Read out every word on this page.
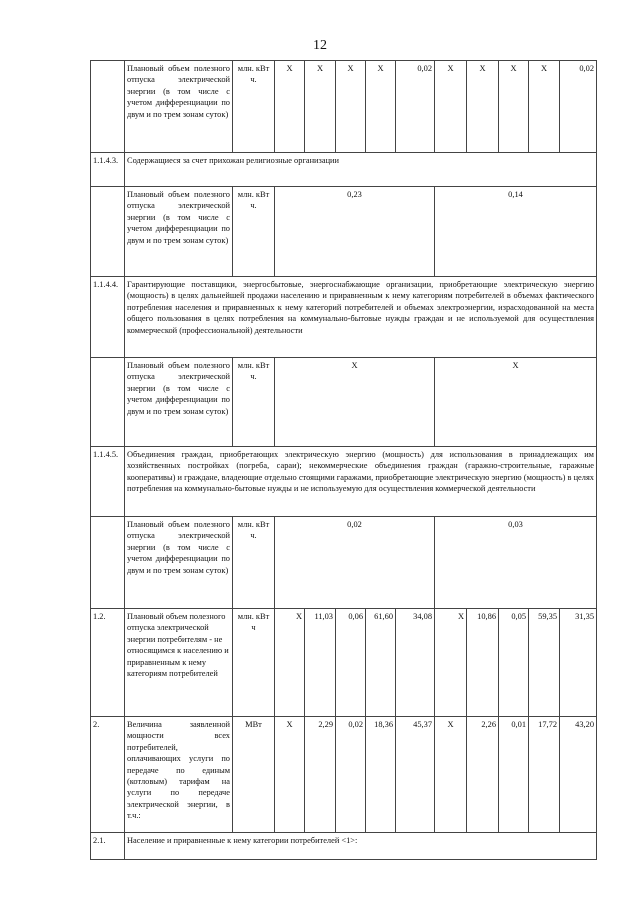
12
	Плановый объем полезного отпуска электрической энергии (в том числе с учетом дифференциации по двум и по трем зонам суток)	млн. кВт ч.	X	X	X	X	0,02	X	X	X	X	0,02
1.1.4.3.	Содержащиеся за счет прихожан религиозные организации											
	Плановый объем полезного отпуска электрической энергии (в том числе с учетом дифференциации по двум и по трем зонам суток)	млн. кВт ч.	0,23					0,14				
1.1.4.4.	Гарантирующие поставщики, энергосбытовые, энергоснабжающие организации, приобретающие электрическую энергию (мощность) в целях дальнейшей продажи населению и приравненным к нему категориям потребителей в объемах фактического потребления населения и приравненных к нему категорий потребителей и объемах электроэнергии, израсходованной на места общего пользования в целях потребления на коммунально-бытовые нужды граждан и не используемой для осуществления коммерческой (профессиональной) деятельности											
	Плановый объем полезного отпуска электрической энергии (в том числе с учетом дифференциации по двум и по трем зонам суток)	млн. кВт ч.	X					X				
1.1.4.5.	Объединения граждан, приобретающих электрическую энергию (мощность) для использования в принадлежащих им хозяйственных постройках (погреба, сараи); некоммерческие объединения граждан (гаражно-строительные, гаражные кооперативы) и граждане, владеющие отдельно стоящими гаражами, приобретающие электрическую энергию (мощность) в целях потребления на коммунально-бытовые нужды и не используемую для осуществления коммерческой деятельности											
	Плановый объем полезного отпуска электрической энергии (в том числе с учетом дифференциации по двум и по трем зонам суток)	млн. кВт ч.	0,02					0,03				
1.2.	Плановый объем полезного отпуска электрической энергии потребителям - не относящимся к населению и приравненным к нему категориям потребителей	млн. кВт ч	X	11,03	0,06	61,60	34,08	X	10,86	0,05	59,35	31,35
2.	Величина заявленной мощности всех потребителей, оплачивающих услуги по передаче по единым (котловым) тарифам на услуги по передаче электрической энергии, в т.ч.:	МВт	X	2,29	0,02	18,36	45,37	X	2,26	0,01	17,72	43,20
2.1.	Население и приравненные к нему категории потребителей <1>:											
